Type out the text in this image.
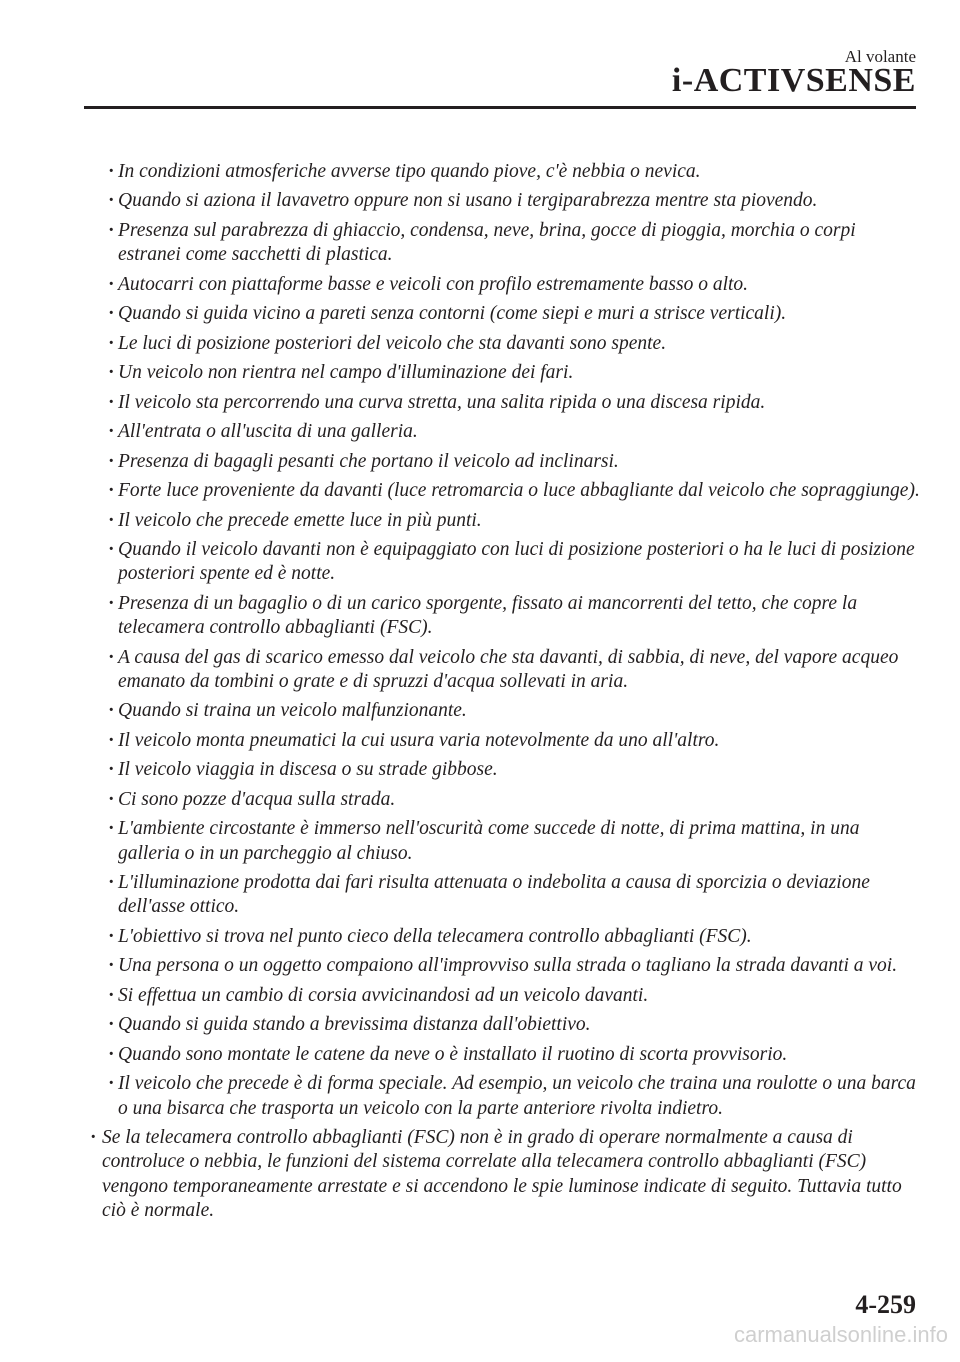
Al volante
i-ACTIVSENSE
· In condizioni atmosferiche avverse tipo quando piove, c'è nebbia o nevica.
· Quando si aziona il lavavetro oppure non si usano i tergiparabrezza mentre sta piovendo.
· Presenza sul parabrezza di ghiaccio, condensa, neve, brina, gocce di pioggia, morchia o corpi estranei come sacchetti di plastica.
· Autocarri con piattaforme basse e veicoli con profilo estremamente basso o alto.
· Quando si guida vicino a pareti senza contorni (come siepi e muri a strisce verticali).
· Le luci di posizione posteriori del veicolo che sta davanti sono spente.
· Un veicolo non rientra nel campo d'illuminazione dei fari.
· Il veicolo sta percorrendo una curva stretta, una salita ripida o una discesa ripida.
· All'entrata o all'uscita di una galleria.
· Presenza di bagagli pesanti che portano il veicolo ad inclinarsi.
· Forte luce proveniente da davanti (luce retromarcia o luce abbagliante dal veicolo che sopraggiunge).
· Il veicolo che precede emette luce in più punti.
· Quando il veicolo davanti non è equipaggiato con luci di posizione posteriori o ha le luci di posizione posteriori spente ed è notte.
· Presenza di un bagaglio o di un carico sporgente, fissato ai mancorrenti del tetto, che copre la telecamera controllo abbaglianti (FSC).
· A causa del gas di scarico emesso dal veicolo che sta davanti, di sabbia, di neve, del vapore acqueo emanato da tombini o grate e di spruzzi d'acqua sollevati in aria.
· Quando si traina un veicolo malfunzionante.
· Il veicolo monta pneumatici la cui usura varia notevolmente da uno all'altro.
· Il veicolo viaggia in discesa o su strade gibbose.
· Ci sono pozze d'acqua sulla strada.
· L'ambiente circostante è immerso nell'oscurità come succede di notte, di prima mattina, in una galleria o in un parcheggio al chiuso.
· L'illuminazione prodotta dai fari risulta attenuata o indebolita a causa di sporcizia o deviazione dell'asse ottico.
· L'obiettivo si trova nel punto cieco della telecamera controllo abbaglianti (FSC).
· Una persona o un oggetto compaiono all'improvviso sulla strada o tagliano la strada davanti a voi.
· Si effettua un cambio di corsia avvicinandosi ad un veicolo davanti.
· Quando si guida stando a brevissima distanza dall'obiettivo.
· Quando sono montate le catene da neve o è installato il ruotino di scorta provvisorio.
· Il veicolo che precede è di forma speciale. Ad esempio, un veicolo che traina una roulotte o una barca o una bisarca che trasporta un veicolo con la parte anteriore rivolta indietro.
· Se la telecamera controllo abbaglianti (FSC) non è in grado di operare normalmente a causa di controluce o nebbia, le funzioni del sistema correlate alla telecamera controllo abbaglianti (FSC) vengono temporaneamente arrestate e si accendono le spie luminose indicate di seguito. Tuttavia tutto ciò è normale.
4-259
carmanualsonline.info
